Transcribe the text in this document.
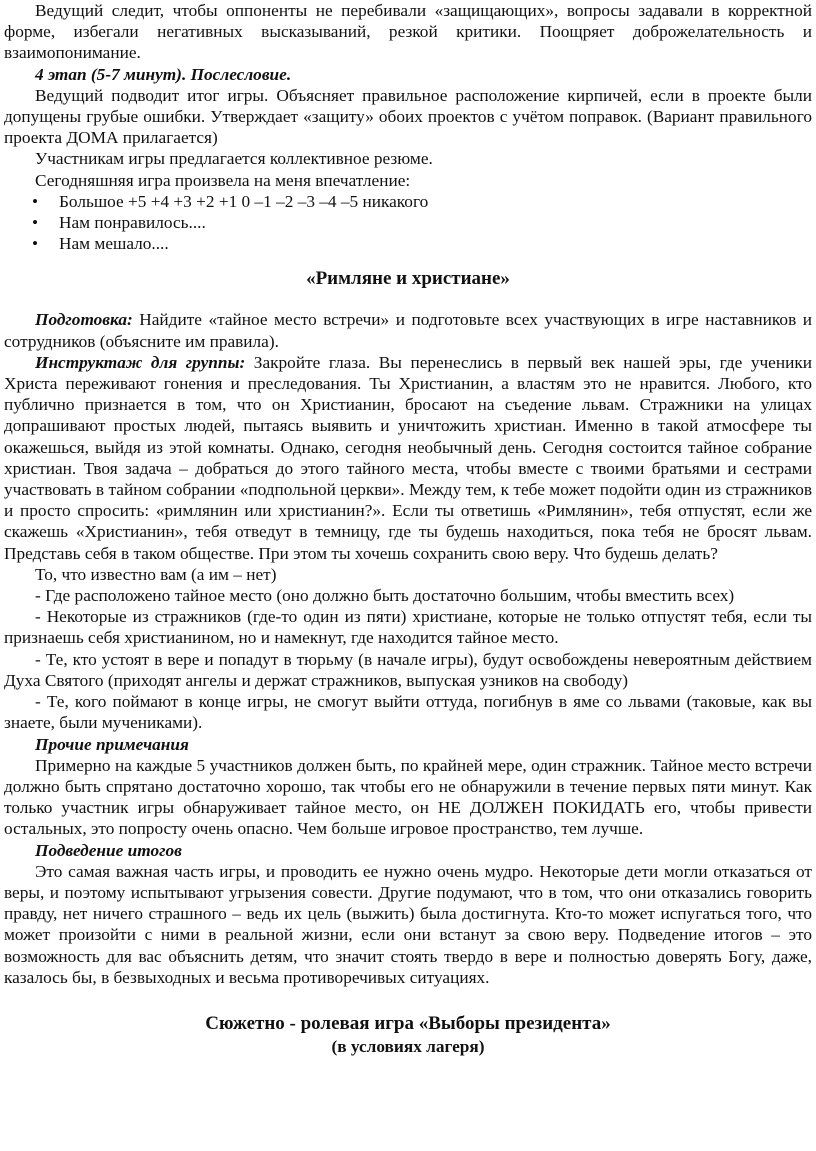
Ведущий следит, чтобы оппоненты не перебивали «защищающих», вопросы задавали в корректной форме, избегали негативных высказываний, резкой критики. Поощряет доброжелательность и взаимопонимание.

4 этап (5-7 минут). Послесловие.

Ведущий подводит итог игры. Объясняет правильное расположение кирпичей, если в проекте были допущены грубые ошибки. Утверждает «защиту» обоих проектов с учётом поправок. (Вариант правильного проекта ДОМА прилагается)

Участникам игры предлагается коллективное резюме.

Сегодняшняя игра произвела на меня впечатление:

• Большое +5 +4 +3 +2 +1 0 –1 –2 –3 –4 –5 никакого
• Нам понравилось....
• Нам мешало....
«Римляне и христиане»

Подготовка: Найдите «тайное место встречи» и подготовьте всех участвующих в игре наставников и сотрудников (объясните им правила).

Инструктаж для группы: Закройте глаза. Вы перенеслись в первый век нашей эры, где ученики Христа переживают гонения и преследования. Ты Христианин, а властям это не нравится. Любого, кто публично признается в том, что он Христианин, бросают на съедение львам. Стражники на улицах допрашивают простых людей, пытаясь выявить и уничтожить христиан. Именно в такой атмосфере ты окажешься, выйдя из этой комнаты. Однако, сегодня необычный день. Сегодня состоится тайное собрание христиан. Твоя задача – добраться до этого тайного места, чтобы вместе с твоими братьями и сестрами участвовать в тайном собрании «подпольной церкви». Между тем, к тебе может подойти один из стражников и просто спросить: «римлянин или христианин?». Если ты ответишь «Римлянин», тебя отпустят, если же скажешь «Христианин», тебя отведут в темницу, где ты будешь находиться, пока тебя не бросят львам. Представь себя в таком обществе. При этом ты хочешь сохранить свою веру. Что будешь делать?

То, что известно вам (а им – нет)

- Где расположено тайное место (оно должно быть достаточно большим, чтобы вместить всех)

- Некоторые из стражников (где-то один из пяти) христиане, которые не только отпустят тебя, если ты признаешь себя христианином, но и намекнут, где находится тайное место.

- Те, кто устоят в вере и попадут в тюрьму (в начале игры), будут освобождены невероятным действием Духа Святого (приходят ангелы и держат стражников, выпуская узников на свободу)

- Те, кого поймают в конце игры, не смогут выйти оттуда, погибнув в яме со львами (таковые, как вы знаете, были мучениками).

Прочие примечания

Примерно на каждые 5 участников должен быть, по крайней мере, один стражник. Тайное место встречи должно быть спрятано достаточно хорошо, так чтобы его не обнаружили в течение первых пяти минут. Как только участник игры обнаруживает тайное место, он НЕ ДОЛЖЕН ПОКИДАТЬ его, чтобы привести остальных, это попросту очень опасно. Чем больше игровое пространство, тем лучше.

Подведение итогов

Это самая важная часть игры, и проводить ее нужно очень мудро. Некоторые дети могли отказаться от веры, и поэтому испытывают угрызения совести. Другие подумают, что в том, что они отказались говорить правду, нет ничего страшного – ведь их цель (выжить) была достигнута. Кто-то может испугаться того, что может произойти с ними в реальной жизни, если они встанут за свою веру. Подведение итогов – это возможность для вас объяснить детям, что значит стоять твердо в вере и полностью доверять Богу, даже, казалось бы, в безвыходных и весьма противоречивых ситуациях.

Сюжетно - ролевая игра «Выборы президента»

(в условиях лагеря)
